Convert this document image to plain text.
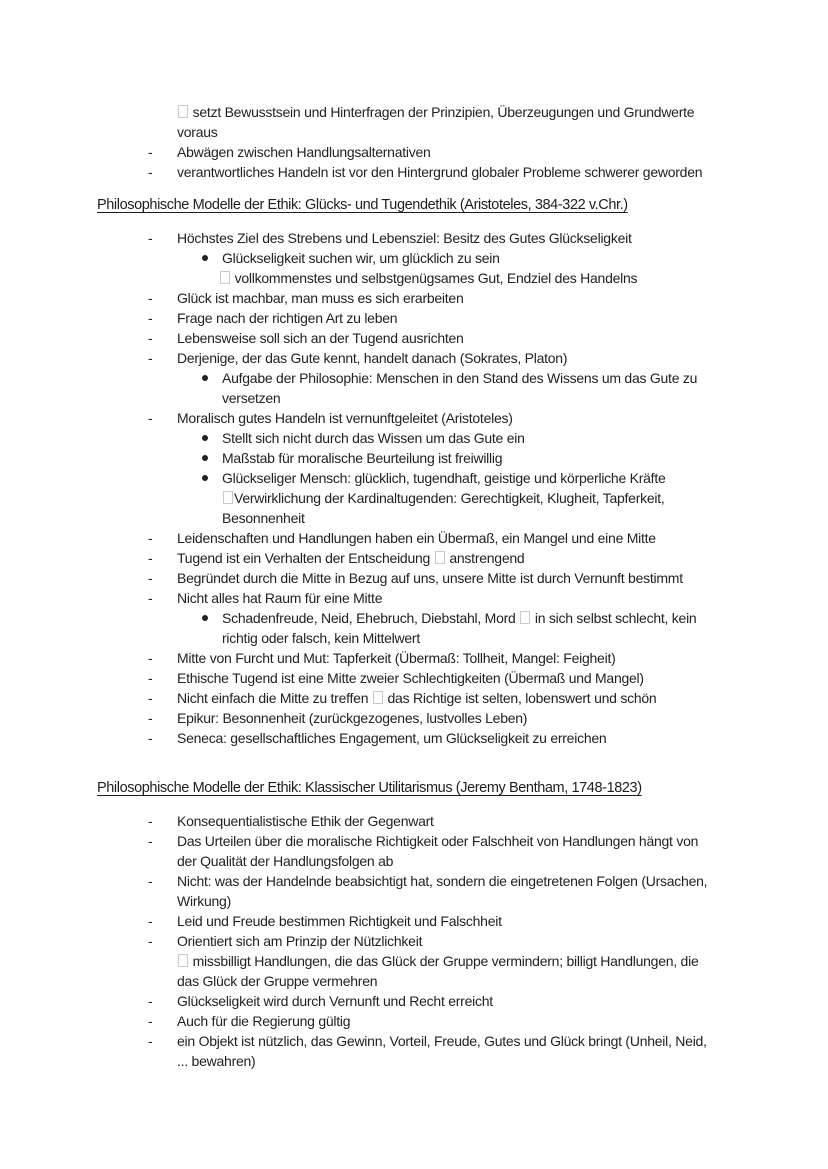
setzt Bewusstsein und Hinterfragen der Prinzipien, Überzeugungen und Grundwerte
voraus
- Abwägen zwischen Handlungsalternativen
- verantwortliches Handeln ist vor den Hintergrund globaler Probleme schwerer geworden
Philosophische Modelle der Ethik: Glücks- und Tugendethik (Aristoteles, 384-322 v.Chr.)
- Höchstes Ziel des Strebens und Lebensziel: Besitz des Gutes Glückseligkeit
Glückseligkeit suchen wir, um glücklich zu sein
vollkommenstes und selbstgenügsames Gut, Endziel des Handelns
- Glück ist machbar, man muss es sich erarbeiten
- Frage nach der richtigen Art zu leben
- Lebensweise soll sich an der Tugend ausrichten
- Derjenige, der das Gute kennt, handelt danach (Sokrates, Platon)
Aufgabe der Philosophie: Menschen in den Stand des Wissens um das Gute zu
versetzen
- Moralisch gutes Handeln ist vernunftgeleitet (Aristoteles)
Stellt sich nicht durch das Wissen um das Gute ein
Maßstab für moralische Beurteilung ist freiwillig
Glückseliger Mensch: glücklich, tugendhaft, geistige und körperliche Kräfte
Verwirklichung der Kardinaltugenden: Gerechtigkeit, Klugheit, Tapferkeit,
Besonnenheit
- Leidenschaften und Handlungen haben ein Übermaß, ein Mangel und eine Mitte
- Tugend ist ein Verhalten der Entscheidung  anstrengend
- Begründet durch die Mitte in Bezug auf uns, unsere Mitte ist durch Vernunft bestimmt
- Nicht alles hat Raum für eine Mitte
Schadenfreude, Neid, Ehebruch, Diebstahl, Mord  in sich selbst schlecht, kein
richtig oder falsch, kein Mittelwert
- Mitte von Furcht und Mut: Tapferkeit (Übermaß: Tollheit, Mangel: Feigheit)
- Ethische Tugend ist eine Mitte zweier Schlechtigkeiten (Übermaß und Mangel)
- Nicht einfach die Mitte zu treffen  das Richtige ist selten, lobenswert und schön
- Epikur: Besonnenheit (zurückgezogenes, lustvolles Leben)
- Seneca: gesellschaftliches Engagement, um Glückseligkeit zu erreichen
Philosophische Modelle der Ethik: Klassischer Utilitarismus (Jeremy Bentham, 1748-1823)
- Konsequentialistische Ethik der Gegenwart
- Das Urteilen über die moralische Richtigkeit oder Falschheit von Handlungen hängt von
der Qualität der Handlungsfolgen ab
- Nicht: was der Handelnde beabsichtigt hat, sondern die eingetretenen Folgen (Ursachen,
Wirkung)
- Leid und Freude bestimmen Richtigkeit und Falschheit
- Orientiert sich am Prinzip der Nützlichkeit
missbilligt Handlungen, die das Glück der Gruppe vermindern; billigt Handlungen, die
das Glück der Gruppe vermehren
- Glückseligkeit wird durch Vernunft und Recht erreicht
- Auch für die Regierung gültig
- ein Objekt ist nützlich, das Gewinn, Vorteil, Freude, Gutes und Glück bringt (Unheil, Neid,
... bewahren)
